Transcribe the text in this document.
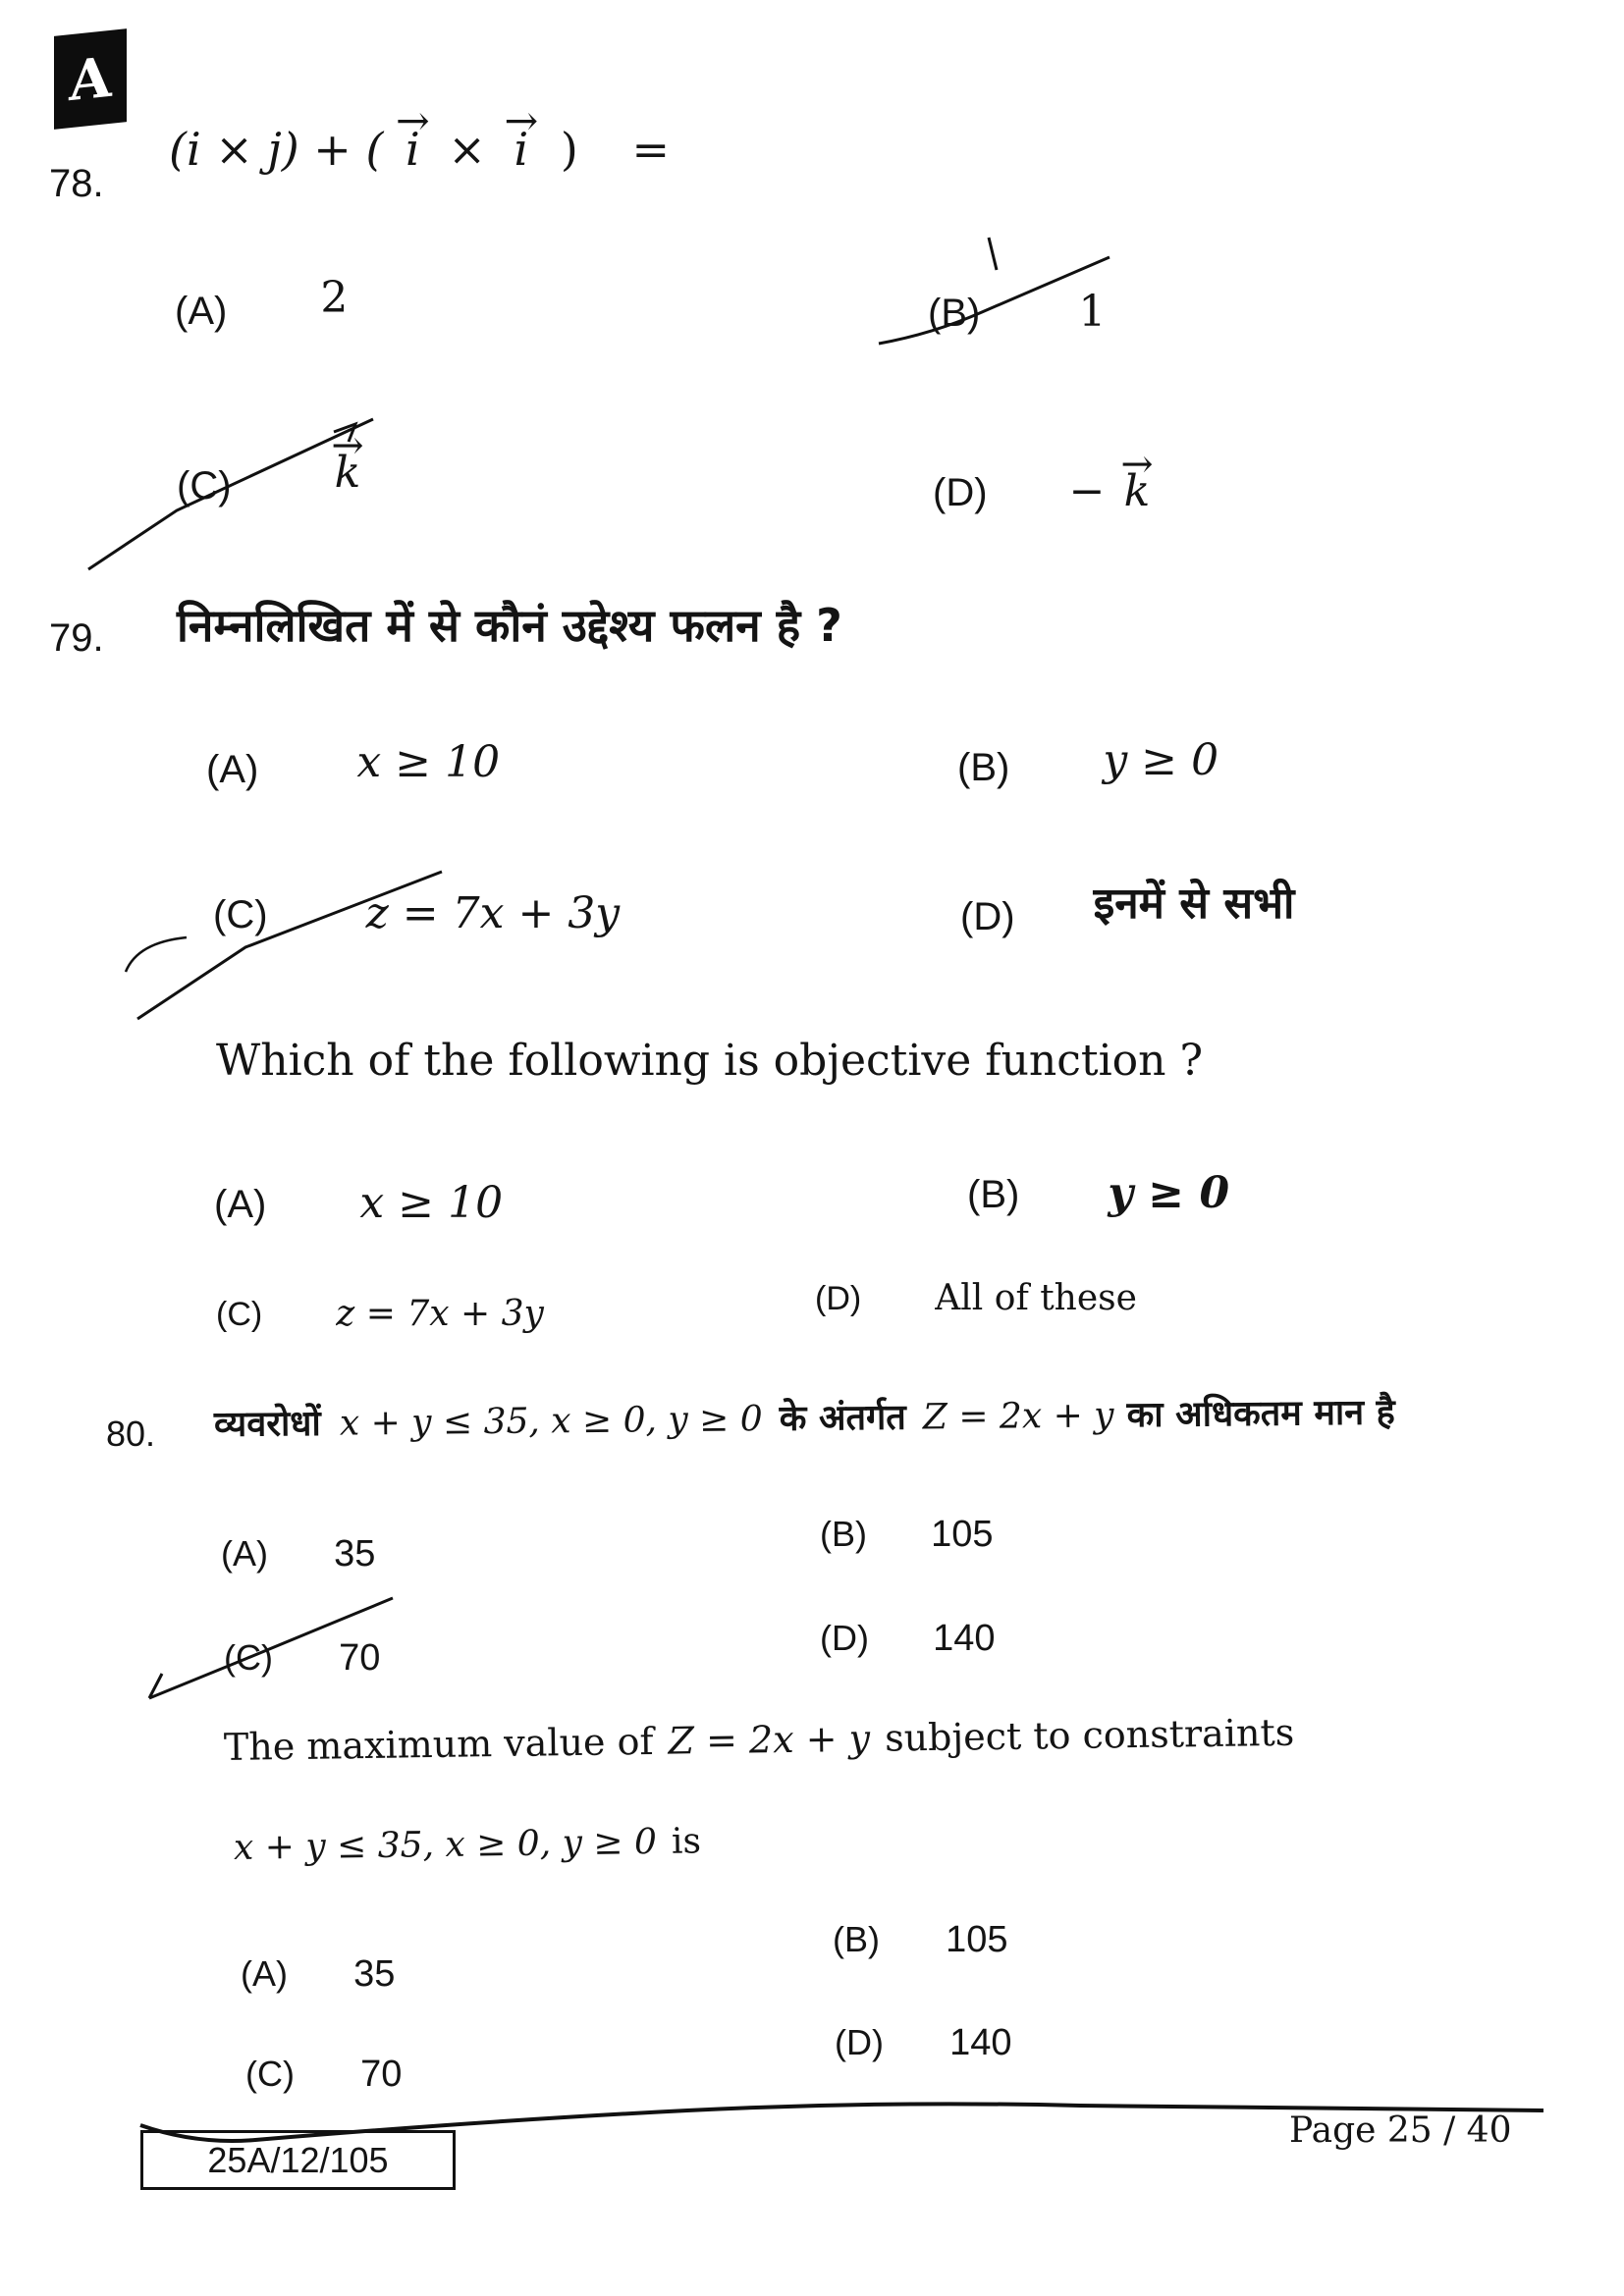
A
78.
(i × j) + ( → i × → i ) =
(A) 2	(B) 1
(C) → k	(D) − → k
79. निम्नलिखित में से कौनं उद्देश्य फलन है ?
(A) x ≥ 10	(B) y ≥ 0
(C) z = 7x + 3y	(D) इनमें से सभी
Which of the following is objective function ?
(A) x ≥ 10	(B) y ≥ 0
(C) z = 7x + 3y	(D) All of these
80. व्यवरोधों x + y ≤ 35, x ≥ 0, y ≥ 0 के अंतर्गत Z = 2x + y का अधिकतम मान है
(A) 35	(B) 105
(C) 70	(D) 140
The maximum value of Z = 2x + y subject to constraints
x + y ≤ 35, x ≥ 0, y ≥ 0 is
(A) 35
(B) 105
(C) 70
(D) 140
25A/12/105
Page 25 / 40
